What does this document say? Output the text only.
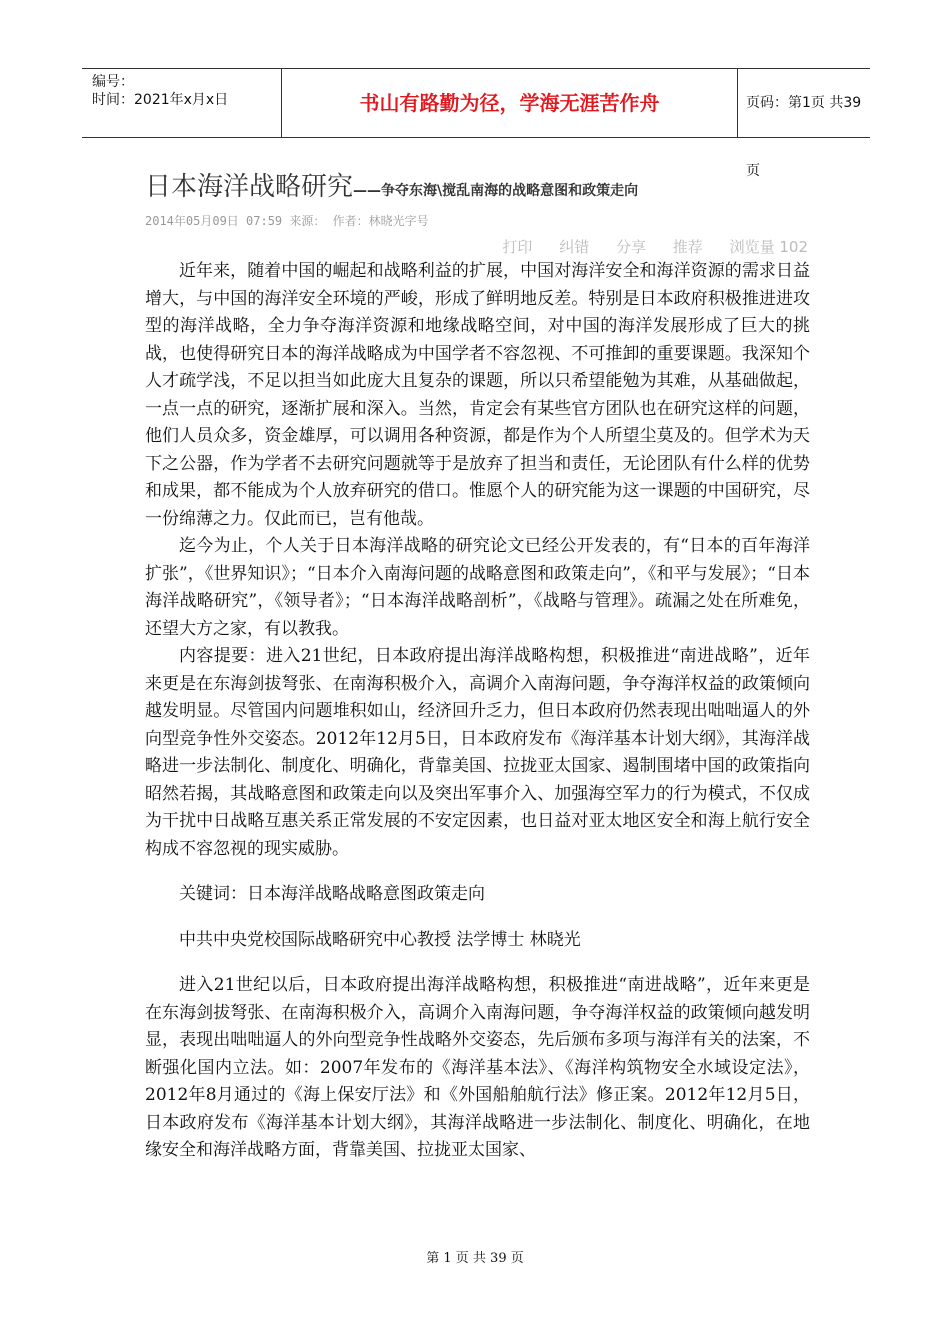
编号：
时间：2021年x月x日	书山有路勤为径，学海无涯苦作舟	页码：第1页 共39页
日本海洋战略研究——争夺东海\搅乱南海的战略意图和政策走向
2014年05月09日 07:59 来源： 作者：林晓光字号
打印 纠错 分享 推荐 浏览量 102

近年来，随着中国的崛起和战略利益的扩展，中国对海洋安全和海洋资源的需求日益增大，与中国的海洋安全环境的严峻，形成了鲜明地反差。特别是日本政府积极推进进攻型的海洋战略，全力争夺海洋资源和地缘战略空间，对中国的海洋发展形成了巨大的挑战，也使得研究日本的海洋战略成为中国学者不容忽视、不可推卸的重要课题。我深知个人才疏学浅，不足以担当如此庞大且复杂的课题，所以只希望能勉为其难，从基础做起，一点一点的研究，逐渐扩展和深入。当然，肯定会有某些官方团队也在研究这样的问题，他们人员众多，资金雄厚，可以调用各种资源，都是作为个人所望尘莫及的。但学术为天下之公器，作为学者不去研究问题就等于是放弃了担当和责任，无论团队有什么样的优势和成果，都不能成为个人放弃研究的借口。惟愿个人的研究能为这一课题的中国研究，尽一份绵薄之力。仅此而已，岂有他哉。

迄今为止，个人关于日本海洋战略的研究论文已经公开发表的，有“日本的百年海洋扩张”，《世界知识》；“日本介入南海问题的战略意图和政策走向”，《和平与发展》；“日本海洋战略研究”，《领导者》；“日本海洋战略剖析”，《战略与管理》。疏漏之处在所难免，还望大方之家，有以教我。

内容提要：进入21世纪，日本政府提出海洋战略构想，积极推进“南进战略”，近年来更是在东海剑拔弩张、在南海积极介入，高调介入南海问题，争夺海洋权益的政策倾向越发明显。尽管国内问题堆积如山，经济回升乏力，但日本政府仍然表现出咄咄逼人的外向型竞争性外交姿态。2012年12月5日，日本政府发布《海洋基本计划大纲》，其海洋战略进一步法制化、制度化、明确化，背靠美国、拉拢亚太国家、遏制围堵中国的政策指向昭然若揭，其战略意图和政策走向以及突出军事介入、加强海空军力的行为模式，不仅成为干扰中日战略互惠关系正常发展的不安定因素，也日益对亚太地区安全和海上航行安全构成不容忽视的现实威胁。

关键词：日本海洋战略战略意图政策走向

中共中央党校国际战略研究中心教授 法学博士 林晓光

进入21世纪以后，日本政府提出海洋战略构想，积极推进“南进战略”，近年来更是在东海剑拔弩张、在南海积极介入，高调介入南海问题，争夺海洋权益的政策倾向越发明显，表现出咄咄逼人的外向型竞争性战略外交姿态，先后颁布多项与海洋有关的法案，不断强化国内立法。如：2007年发布的《海洋基本法》、《海洋构筑物安全水域设定法》，2012年8月通过的《海上保安厅法》和《外国船舶航行法》修正案。2012年12月5日，日本政府发布《海洋基本计划大纲》，其海洋战略进一步法制化、制度化、明确化，在地缘安全和海洋战略方面，背靠美国、拉拢亚太国家、

第 1 页 共 39 页
